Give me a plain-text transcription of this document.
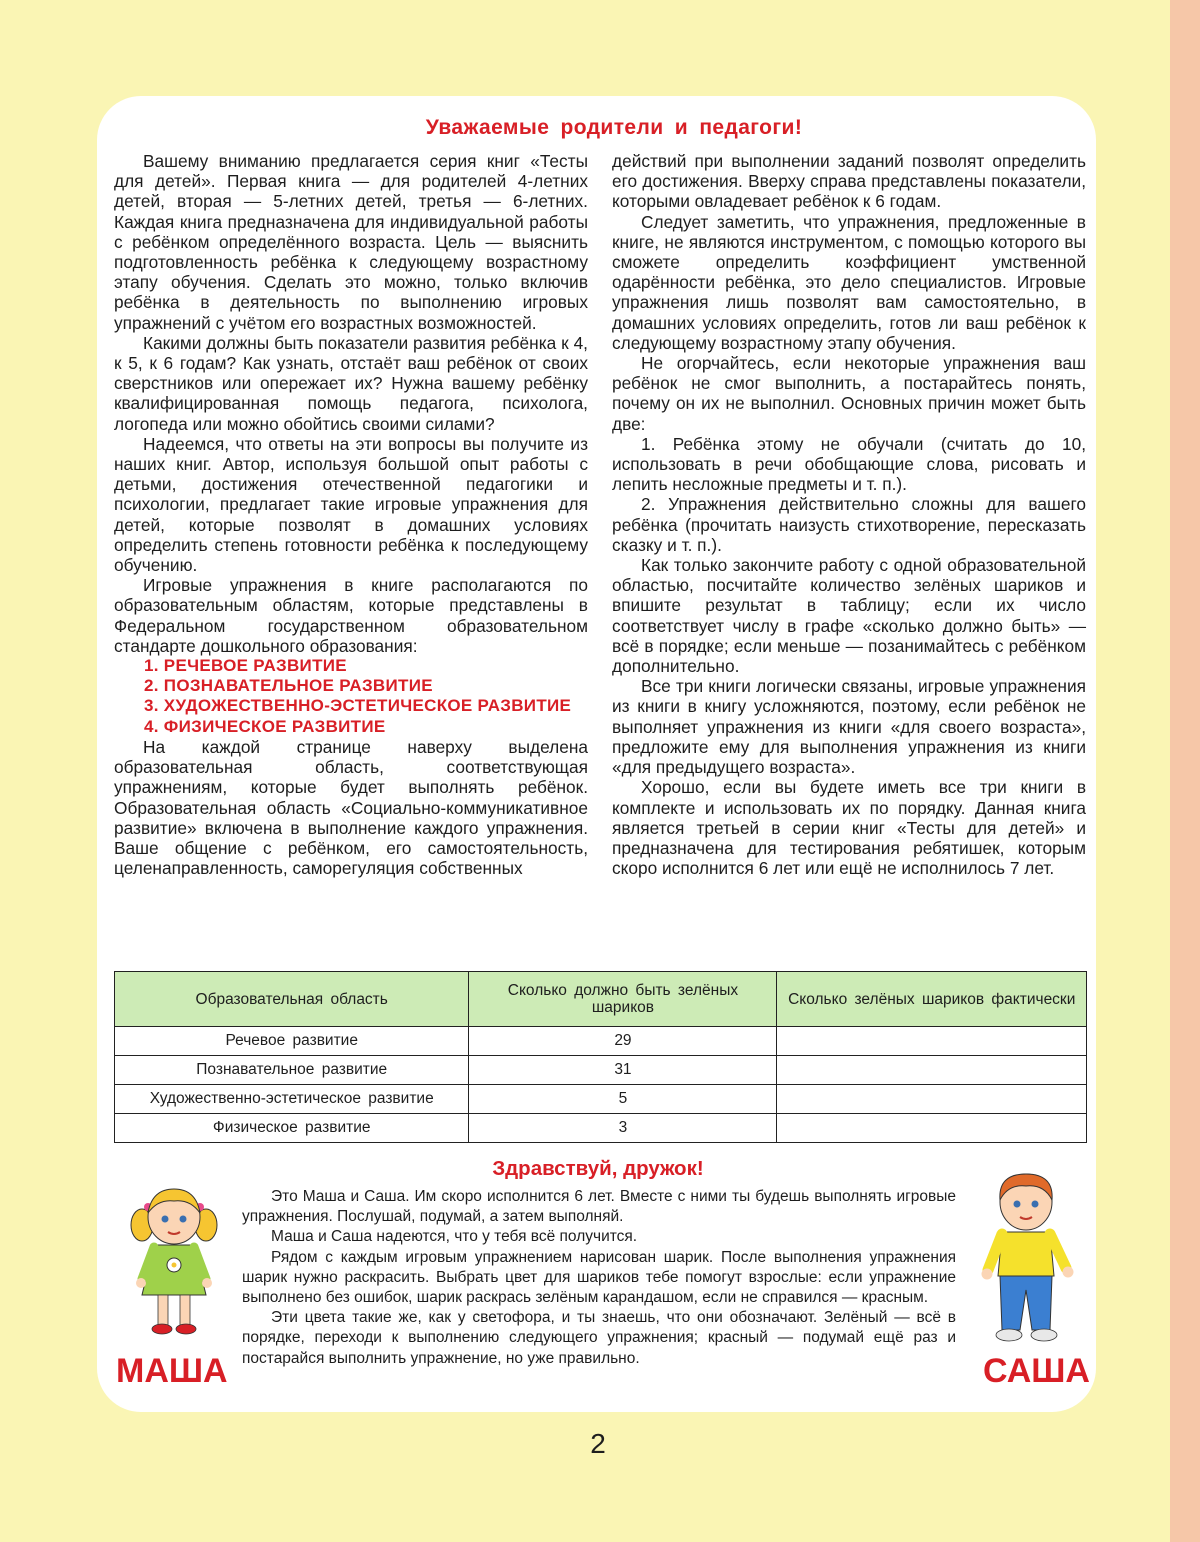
Уважаемые родители и педагоги!

Вашему вниманию предлагается серия книг «Тесты для детей». Первая книга — для родителей 4-летних детей, вторая — 5-летних детей, третья — 6-летних. Каждая книга предназначена для индивидуальной работы с ребёнком определённого возраста. Цель — выяснить подготовленность ребёнка к следующему возрастному этапу обучения. Сделать это можно, только включив ребёнка в деятельность по выполнению игровых упражнений с учётом его возрастных возможностей.

Какими должны быть показатели развития ребёнка к 4, к 5, к 6 годам? Как узнать, отстаёт ваш ребёнок от своих сверстников или опережает их? Нужна вашему ребёнку квалифицированная помощь педагога, психолога, логопеда или можно обойтись своими силами?

Надеемся, что ответы на эти вопросы вы получите из наших книг. Автор, используя большой опыт работы с детьми, достижения отечественной педагогики и психологии, предлагает такие игровые упражнения для детей, которые позволят в домашних условиях определить степень готовности ребёнка к последующему обучению.

Игровые упражнения в книге располагаются по образовательным областям, которые представлены в Федеральном государственном образовательном стандарте дошкольного образования:

1. РЕЧЕВОЕ РАЗВИТИЕ
2. ПОЗНАВАТЕЛЬНОЕ РАЗВИТИЕ
3. ХУДОЖЕСТВЕННО-ЭСТЕТИЧЕСКОЕ РАЗВИТИЕ
4. ФИЗИЧЕСКОЕ РАЗВИТИЕ

На каждой странице наверху выделена образовательная область, соответствующая упражнениям, которые будет выполнять ребёнок. Образовательная область «Социально-коммуникативное развитие» включена в выполнение каждого упражнения. Ваше общение с ребёнком, его самостоятельность, целенаправленность, саморегуляция собственных

действий при выполнении заданий позволят определить его достижения. Вверху справа представлены показатели, которыми овладевает ребёнок к 6 годам.

Следует заметить, что упражнения, предложенные в книге, не являются инструментом, с помощью которого вы сможете определить коэффициент умственной одарённости ребёнка, это дело специалистов. Игровые упражнения лишь позволят вам самостоятельно, в домашних условиях определить, готов ли ваш ребёнок к следующему возрастному этапу обучения.

Не огорчайтесь, если некоторые упражнения ваш ребёнок не смог выполнить, а постарайтесь понять, почему он их не выполнил. Основных причин может быть две:

1. Ребёнка этому не обучали (считать до 10, использовать в речи обобщающие слова, рисовать и лепить несложные предметы и т. п.).

2. Упражнения действительно сложны для вашего ребёнка (прочитать наизусть стихотворение, пересказать сказку и т. п.).

Как только закончите работу с одной образовательной областью, посчитайте количество зелёных шариков и впишите результат в таблицу; если их число соответствует числу в графе «сколько должно быть» — всё в порядке; если меньше — позанимайтесь с ребёнком дополнительно.

Все три книги логически связаны, игровые упражнения из книги в книгу усложняются, поэтому, если ребёнок не выполняет упражнения из книги «для своего возраста», предложите ему для выполнения упражнения из книги «для предыдущего возраста».

Хорошо, если вы будете иметь все три книги в комплекте и использовать их по порядку. Данная книга является третьей в серии книг «Тесты для детей» и предназначена для тестирования ребятишек, которым скоро исполнится 6 лет или ещё не исполнилось 7 лет.

Образовательная область	Сколько должно быть зелёных шариков	Сколько зелёных шариков фактически
Речевое развитие	29	
Познавательное развитие	31	
Художественно-эстетическое развитие	5	
Физическое развитие	3	
Здравствуй, дружок!

Это Маша и Саша. Им скоро исполнится 6 лет. Вместе с ними ты будешь выполнять игровые упражнения. Послушай, подумай, а затем выполняй.

Маша и Саша надеются, что у тебя всё получится.

Рядом с каждым игровым упражнением нарисован шарик. После выполнения упражнения шарик нужно раскрасить. Выбрать цвет для шариков тебе помогут взрослые: если упражнение выполнено без ошибок, шарик раскрась зелёным карандашом, если не справился — красным.

Эти цвета такие же, как у светофора, и ты знаешь, что они обозначают. Зелёный — всё в порядке, переходи к выполнению следующего упражнения; красный — подумай ещё раз и постарайся выполнить упражнение, но уже правильно.

МАША	САША
2
